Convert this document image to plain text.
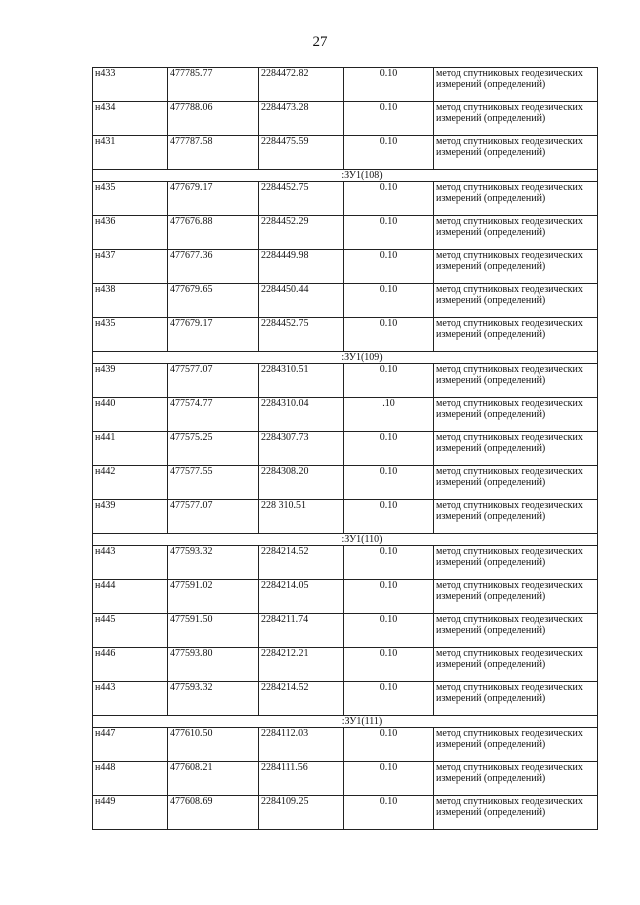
27
н433	477785.77	2284472.82	0.10	метод спутниковых геодезических измерений (определений)
н434	477788.06	2284473.28	0.10	метод спутниковых геодезических измерений (определений)
н431	477787.58	2284475.59	0.10	метод спутниковых геодезических измерений (определений)
:ЗУ1(108)				
н435	477679.17	2284452.75	0.10	метод спутниковых геодезических измерений (определений)
н436	477676.88	2284452.29	0.10	метод спутниковых геодезических измерений (определений)
н437	477677.36	2284449.98	0.10	метод спутниковых геодезических измерений (определений)
н438	477679.65	2284450.44	0.10	метод спутниковых геодезических измерений (определений)
н435	477679.17	2284452.75	0.10	метод спутниковых геодезических измерений (определений)
:ЗУ1(109)				
н439	477577.07	2284310.51	0.10	метод спутниковых геодезических измерений (определений)
н440	477574.77	2284310.04	.10	метод спутниковых геодезических измерений (определений)
н441	477575.25	2284307.73	0.10	метод спутниковых геодезических измерений (определений)
н442	477577.55	2284308.20	0.10	метод спутниковых геодезических измерений (определений)
н439	477577.07	228 310.51	0.10	метод спутниковых геодезических измерений (определений)
:ЗУ1(110)				
н443	477593.32	2284214.52	0.10	метод спутниковых геодезических измерений (определений)
н444	477591.02	2284214.05	0.10	метод спутниковых геодезических измерений (определений)
н445	477591.50	2284211.74	0.10	метод спутниковых геодезических измерений (определений)
н446	477593.80	2284212.21	0.10	метод спутниковых геодезических измерений (определений)
н443	477593.32	2284214.52	0.10	метод спутниковых геодезических измерений (определений)
:ЗУ1(111)				
н447	477610.50	2284112.03	0.10	метод спутниковых геодезических измерений (определений)
н448	477608.21	2284111.56	0.10	метод спутниковых геодезических измерений (определений)
н449	477608.69	2284109.25	0.10	метод спутниковых геодезических измерений (определений)
